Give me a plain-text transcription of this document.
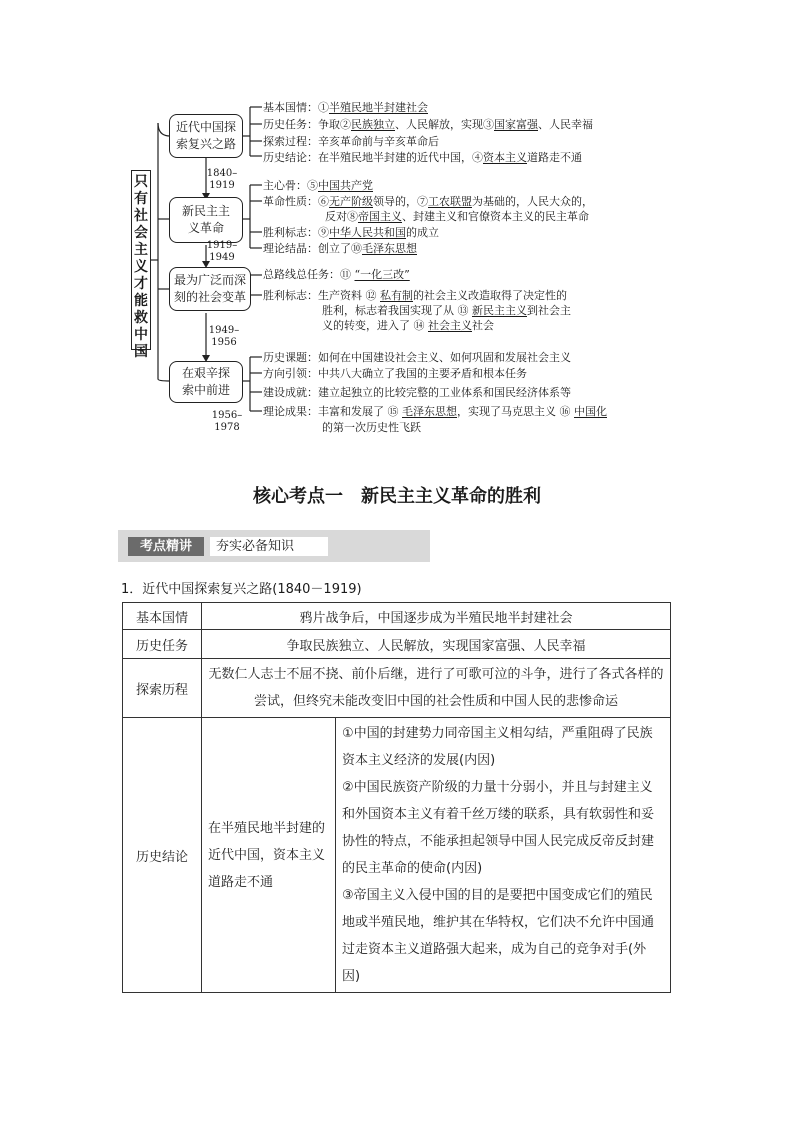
只
有
社
会
主
义
才
能
救
中
国
近代中国探
索复兴之路
新民主主
义革命
最为广泛而深
刻的社会变革
在艰辛探
索中前进
1840–
1919
1919–
1949
1949–
1956
1956–
1978
基本国情：①半殖民地半封建社会
历史任务：争取②民族独立、人民解放，实现③国家富强、人民幸福
探索过程：辛亥革命前与辛亥革命后
历史结论：在半殖民地半封建的近代中国，④资本主义道路走不通
主心骨：⑤中国共产党
革命性质：⑥无产阶级领导的，⑦工农联盟为基础的，人民大众的，
反对⑧帝国主义、封建主义和官僚资本主义的民主革命
胜利标志：⑨中华人民共和国的成立
理论结晶：创立了⑩毛泽东思想
总路线总任务：⑪ “一化三改”
胜利标志：生产资料 ⑫ 私有制的社会主义改造取得了决定性的
胜利，标志着我国实现了从 ⑬ 新民主主义到社会主
义的转变，进入了 ⑭ 社会主义社会
历史课题：如何在中国建设社会主义、如何巩固和发展社会主义
方向引领：中共八大确立了我国的主要矛盾和根本任务
建设成就：建立起独立的比较完整的工业体系和国民经济体系等
理论成果：丰富和发展了 ⑮ 毛泽东思想，实现了马克思主义 ⑯ 中国化
的第一次历史性飞跃
核心考点一　新民主主义革命的胜利
考点精讲	夯实必备知识
1．近代中国探索复兴之路(1840－1919)
基本国情	鸦片战争后，中国逐步成为半殖民地半封建社会	
历史任务	争取民族独立、人民解放，实现国家富强、人民幸福	
探索历程	无数仁人志士不屈不挠、前仆后继，进行了可歌可泣的斗争，进行了各式各样的尝试，但终究未能改变旧中国的社会性质和中国人民的悲惨命运	
历史结论	在半殖民地半封建的近代中国，资本主义道路走不通	①中国的封建势力同帝国主义相勾结，严重阻碍了民族资本主义经济的发展(内因)
②中国民族资产阶级的力量十分弱小，并且与封建主义和外国资本主义有着千丝万缕的联系，具有软弱性和妥协性的特点，不能承担起领导中国人民完成反帝反封建的民主革命的使命(内因)
③帝国主义入侵中国的目的是要把中国变成它们的殖民地或半殖民地，维护其在华特权，它们决不允许中国通过走资本主义道路强大起来，成为自己的竞争对手(外因)
